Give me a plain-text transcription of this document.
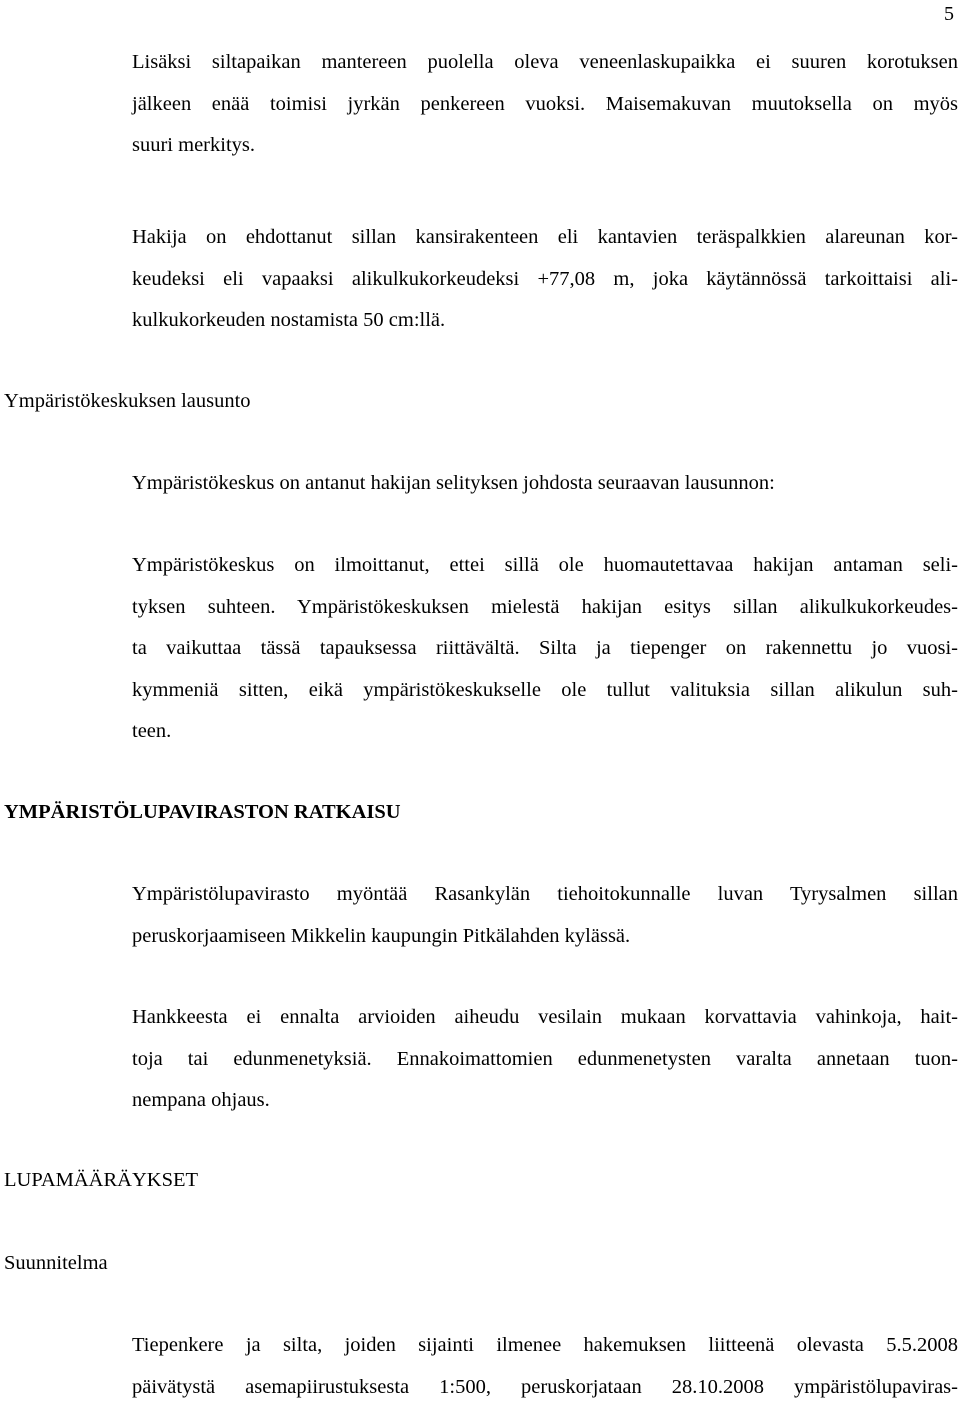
5

Lisäksi siltapaikan mantereen puolella oleva veneenlaskupaikka ei suuren korotuksen
jälkeen enää toimisi jyrkän penkereen vuoksi. Maisemakuvan muutoksella on myös
suuri merkitys.

Hakija on ehdottanut sillan kansirakenteen eli kantavien teräspalkkien alareunan kor-
keudeksi eli vapaaksi alikulkukorkeudeksi +77,08 m, joka käytännössä tarkoittaisi ali-
kulkukorkeuden nostamista 50 cm:llä.

Ympäristökeskuksen lausunto

Ympäristökeskus on antanut hakijan selityksen johdosta seuraavan lausunnon:

Ympäristökeskus on ilmoittanut, ettei sillä ole huomautettavaa hakijan antaman seli-
tyksen suhteen. Ympäristökeskuksen mielestä hakijan esitys sillan alikulkukorkeudes-
ta vaikuttaa tässä tapauksessa riittävältä. Silta ja tiepenger on rakennettu jo vuosi-
kymmeniä sitten, eikä ympäristökeskukselle ole tullut valituksia sillan alikulun suh-
teen.

YMPÄRISTÖLUPAVIRASTON RATKAISU

Ympäristölupavirasto myöntää Rasankylän tiehoitokunnalle luvan Tyrysalmen sillan
peruskorjaamiseen Mikkelin kaupungin Pitkälahden kylässä.

Hankkeesta ei ennalta arvioiden aiheudu vesilain mukaan korvattavia vahinkoja, hait-
toja tai edunmenetyksiä. Ennakoimattomien edunmenetysten varalta annetaan tuon-
nempana ohjaus.

LUPAMÄÄRÄYKSET

Suunnitelma

Tiepenkere ja silta, joiden sijainti ilmenee hakemuksen liitteenä olevasta 5.5.2008
päivätystä asemapiirustuksesta 1:500, peruskorjataan 28.10.2008 ympäristölupaviras-
